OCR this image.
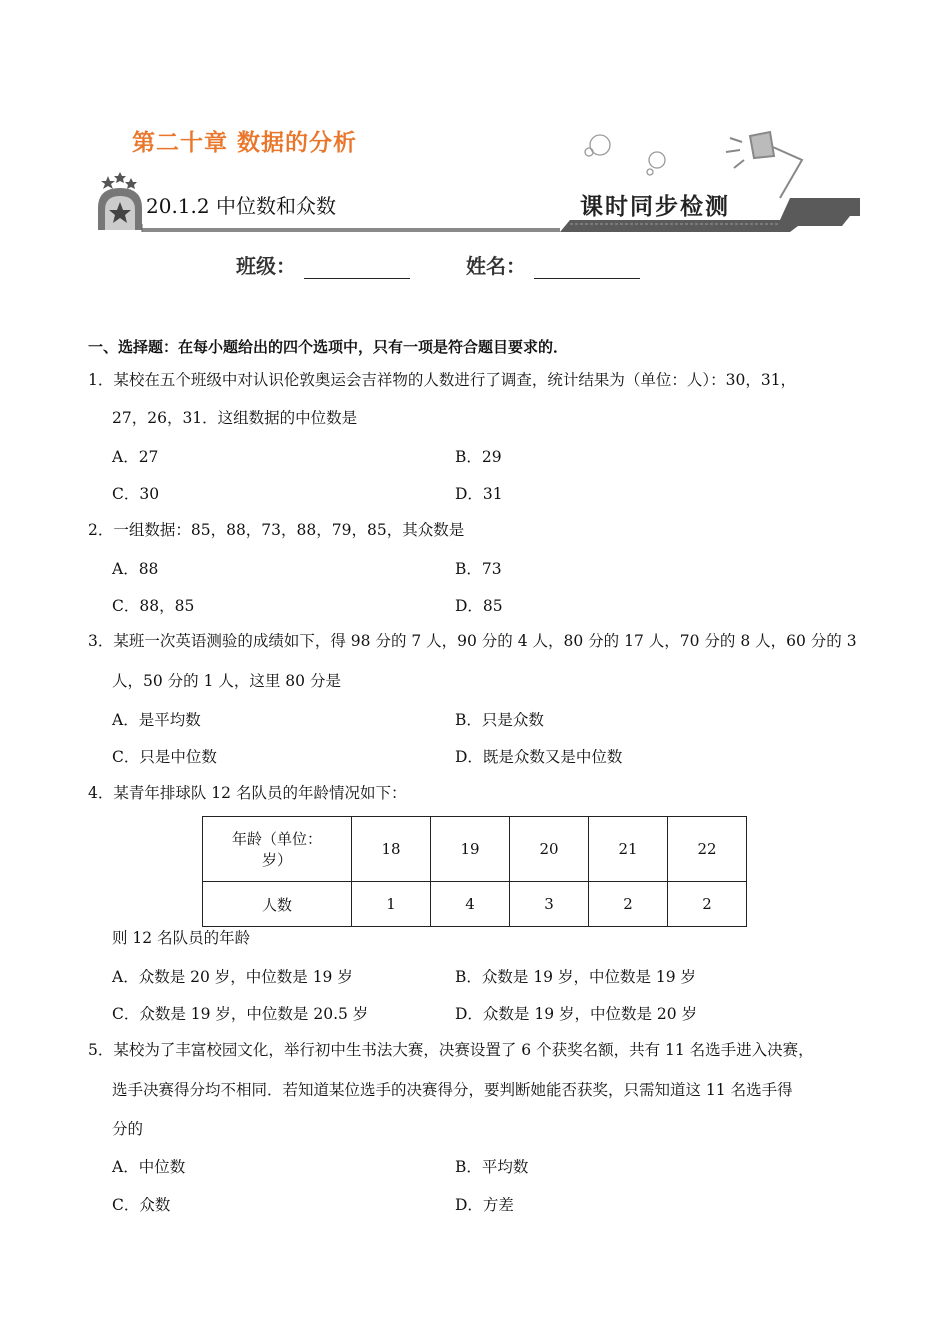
第二十章 数据的分析
20.1.2 中位数和众数	课时同步检测
班级：	姓名：
一、选择题：在每小题给出的四个选项中，只有一项是符合题目要求的．
1．某校在五个班级中对认识伦敦奥运会吉祥物的人数进行了调查，统计结果为（单位：人）：30，31，
27，26，31．这组数据的中位数是
A．27	B．29
C．30	D．31
2．一组数据：85，88，73，88，79，85，其众数是
A．88	B．73
C．88，85	D．85
3．某班一次英语测验的成绩如下，得 98 分的 7 人，90 分的 4 人，80 分的 17 人，70 分的 8 人，60 分的 3
人，50 分的 1 人，这里 80 分是
A．是平均数	B．只是众数
C．只是中位数	D．既是众数又是中位数
4．某青年排球队 12 名队员的年龄情况如下：
年龄（单位：
岁）	18	19	20	21	22
人数	1	4	3	2	2
则 12 名队员的年龄
A．众数是 20 岁，中位数是 19 岁	B．众数是 19 岁，中位数是 19 岁
C．众数是 19 岁，中位数是 20.5 岁	D．众数是 19 岁，中位数是 20 岁
5．某校为了丰富校园文化，举行初中生书法大赛，决赛设置了 6 个获奖名额，共有 11 名选手进入决赛，
选手决赛得分均不相同．若知道某位选手的决赛得分，要判断她能否获奖，只需知道这 11 名选手得
分的
A．中位数	B．平均数
C．众数	D．方差
